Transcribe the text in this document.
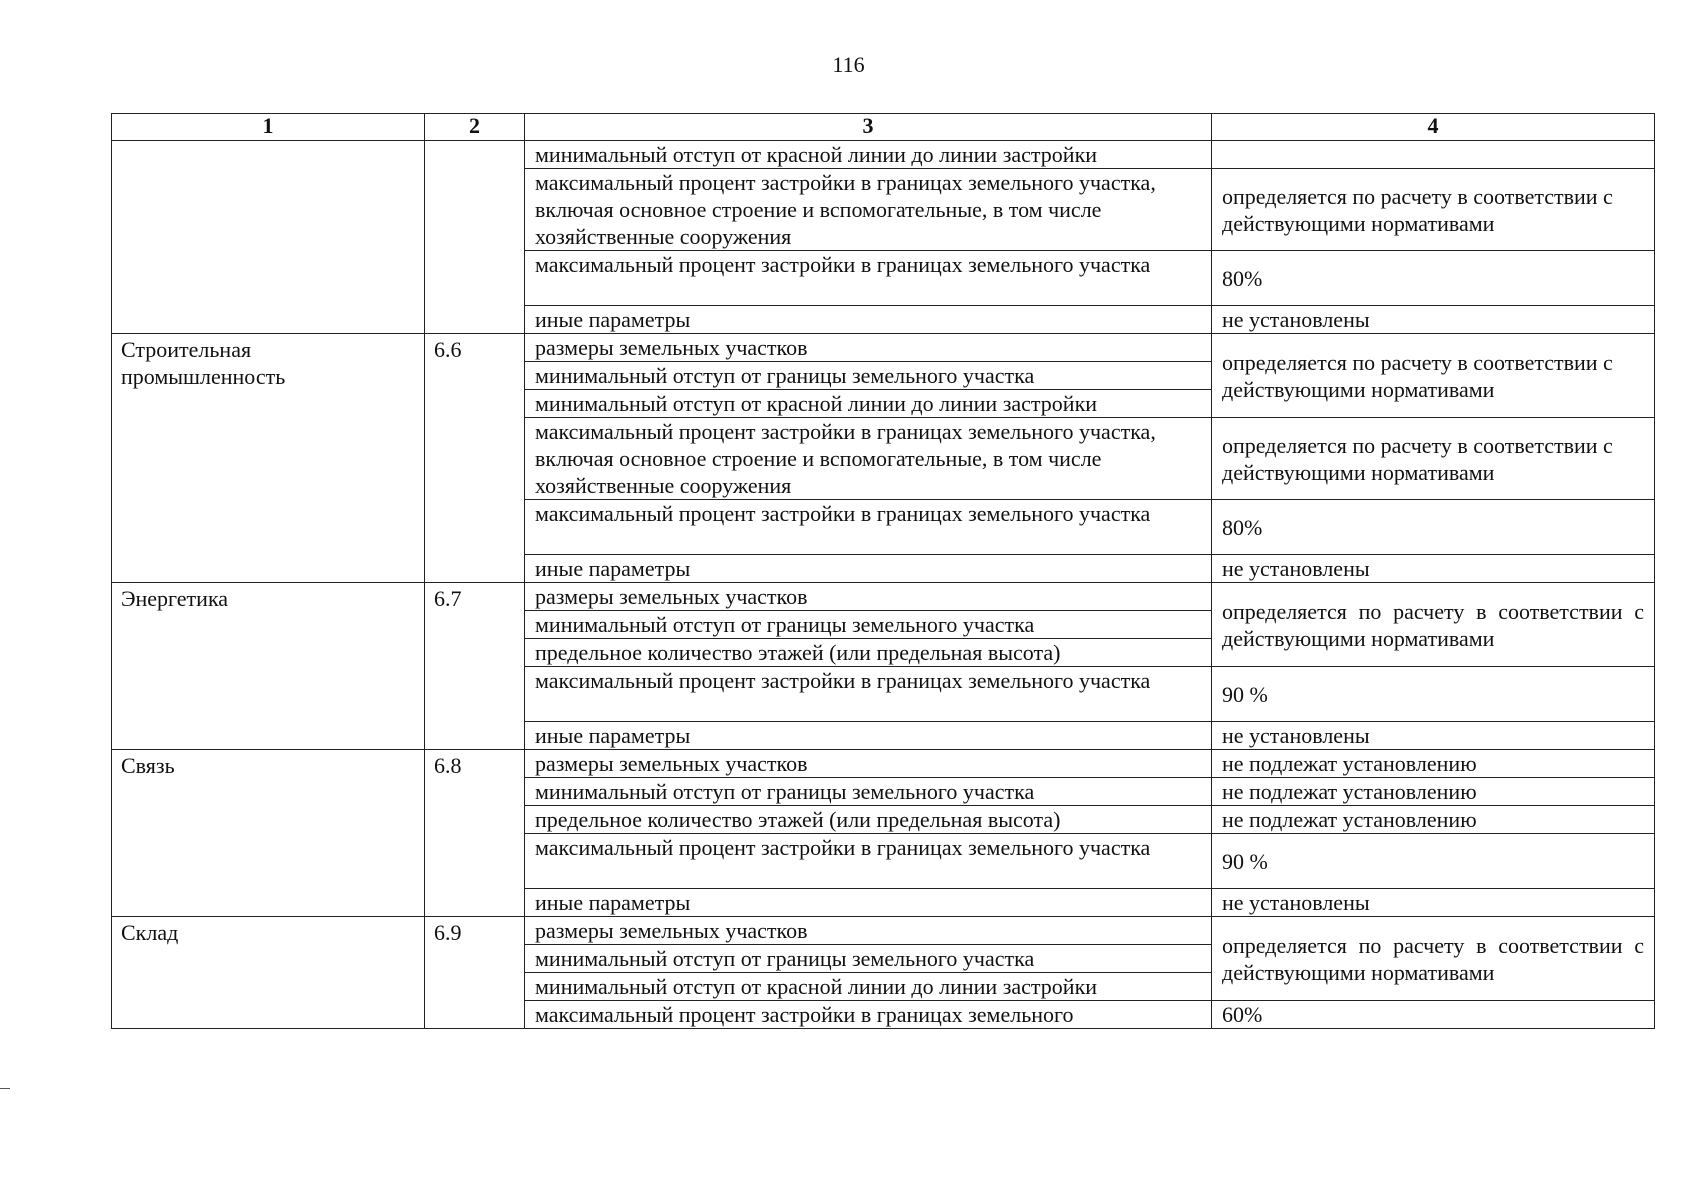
116
1	2	3	4
		минимальный отступ от красной линии до линии застройки	
		максимальный процент застройки в границах земельного участка, включая основное строение и вспомогательные, в том числе хозяйственные сооружения	определяется по расчету в соответствии с действующими нормативами
		максимальный процент застройки в границах земельного участка	80%
		иные параметры	не установлены
Строительная промышленность	6.6	размеры земельных участков	определяется по расчету в соответствии с действующими нормативами
		минимальный отступ от границы земельного участка	
		минимальный отступ от красной линии до линии застройки	
		максимальный процент застройки в границах земельного участка, включая основное строение и вспомогательные, в том числе хозяйственные сооружения	определяется по расчету в соответствии с действующими нормативами
		максимальный процент застройки в границах земельного участка	80%
		иные параметры	не установлены
Энергетика	6.7	размеры земельных участков	определяется по расчету в соответствии с действующими нормативами
		минимальный отступ от границы земельного участка	
		предельное количество этажей (или предельная высота)	
		максимальный процент застройки в границах земельного участка	90 %
		иные параметры	не установлены
Связь	6.8	размеры земельных участков	не подлежат установлению
		минимальный отступ от границы земельного участка	не подлежат установлению
		предельное количество этажей (или предельная высота)	не подлежат установлению
		максимальный процент застройки в границах земельного участка	90 %
		иные параметры	не установлены
Склад	6.9	размеры земельных участков	определяется по расчету в соответствии с действующими нормативами
		минимальный отступ от границы земельного участка	
		минимальный отступ от красной линии до линии застройки	
		максимальный процент застройки в границах земельного	60%
